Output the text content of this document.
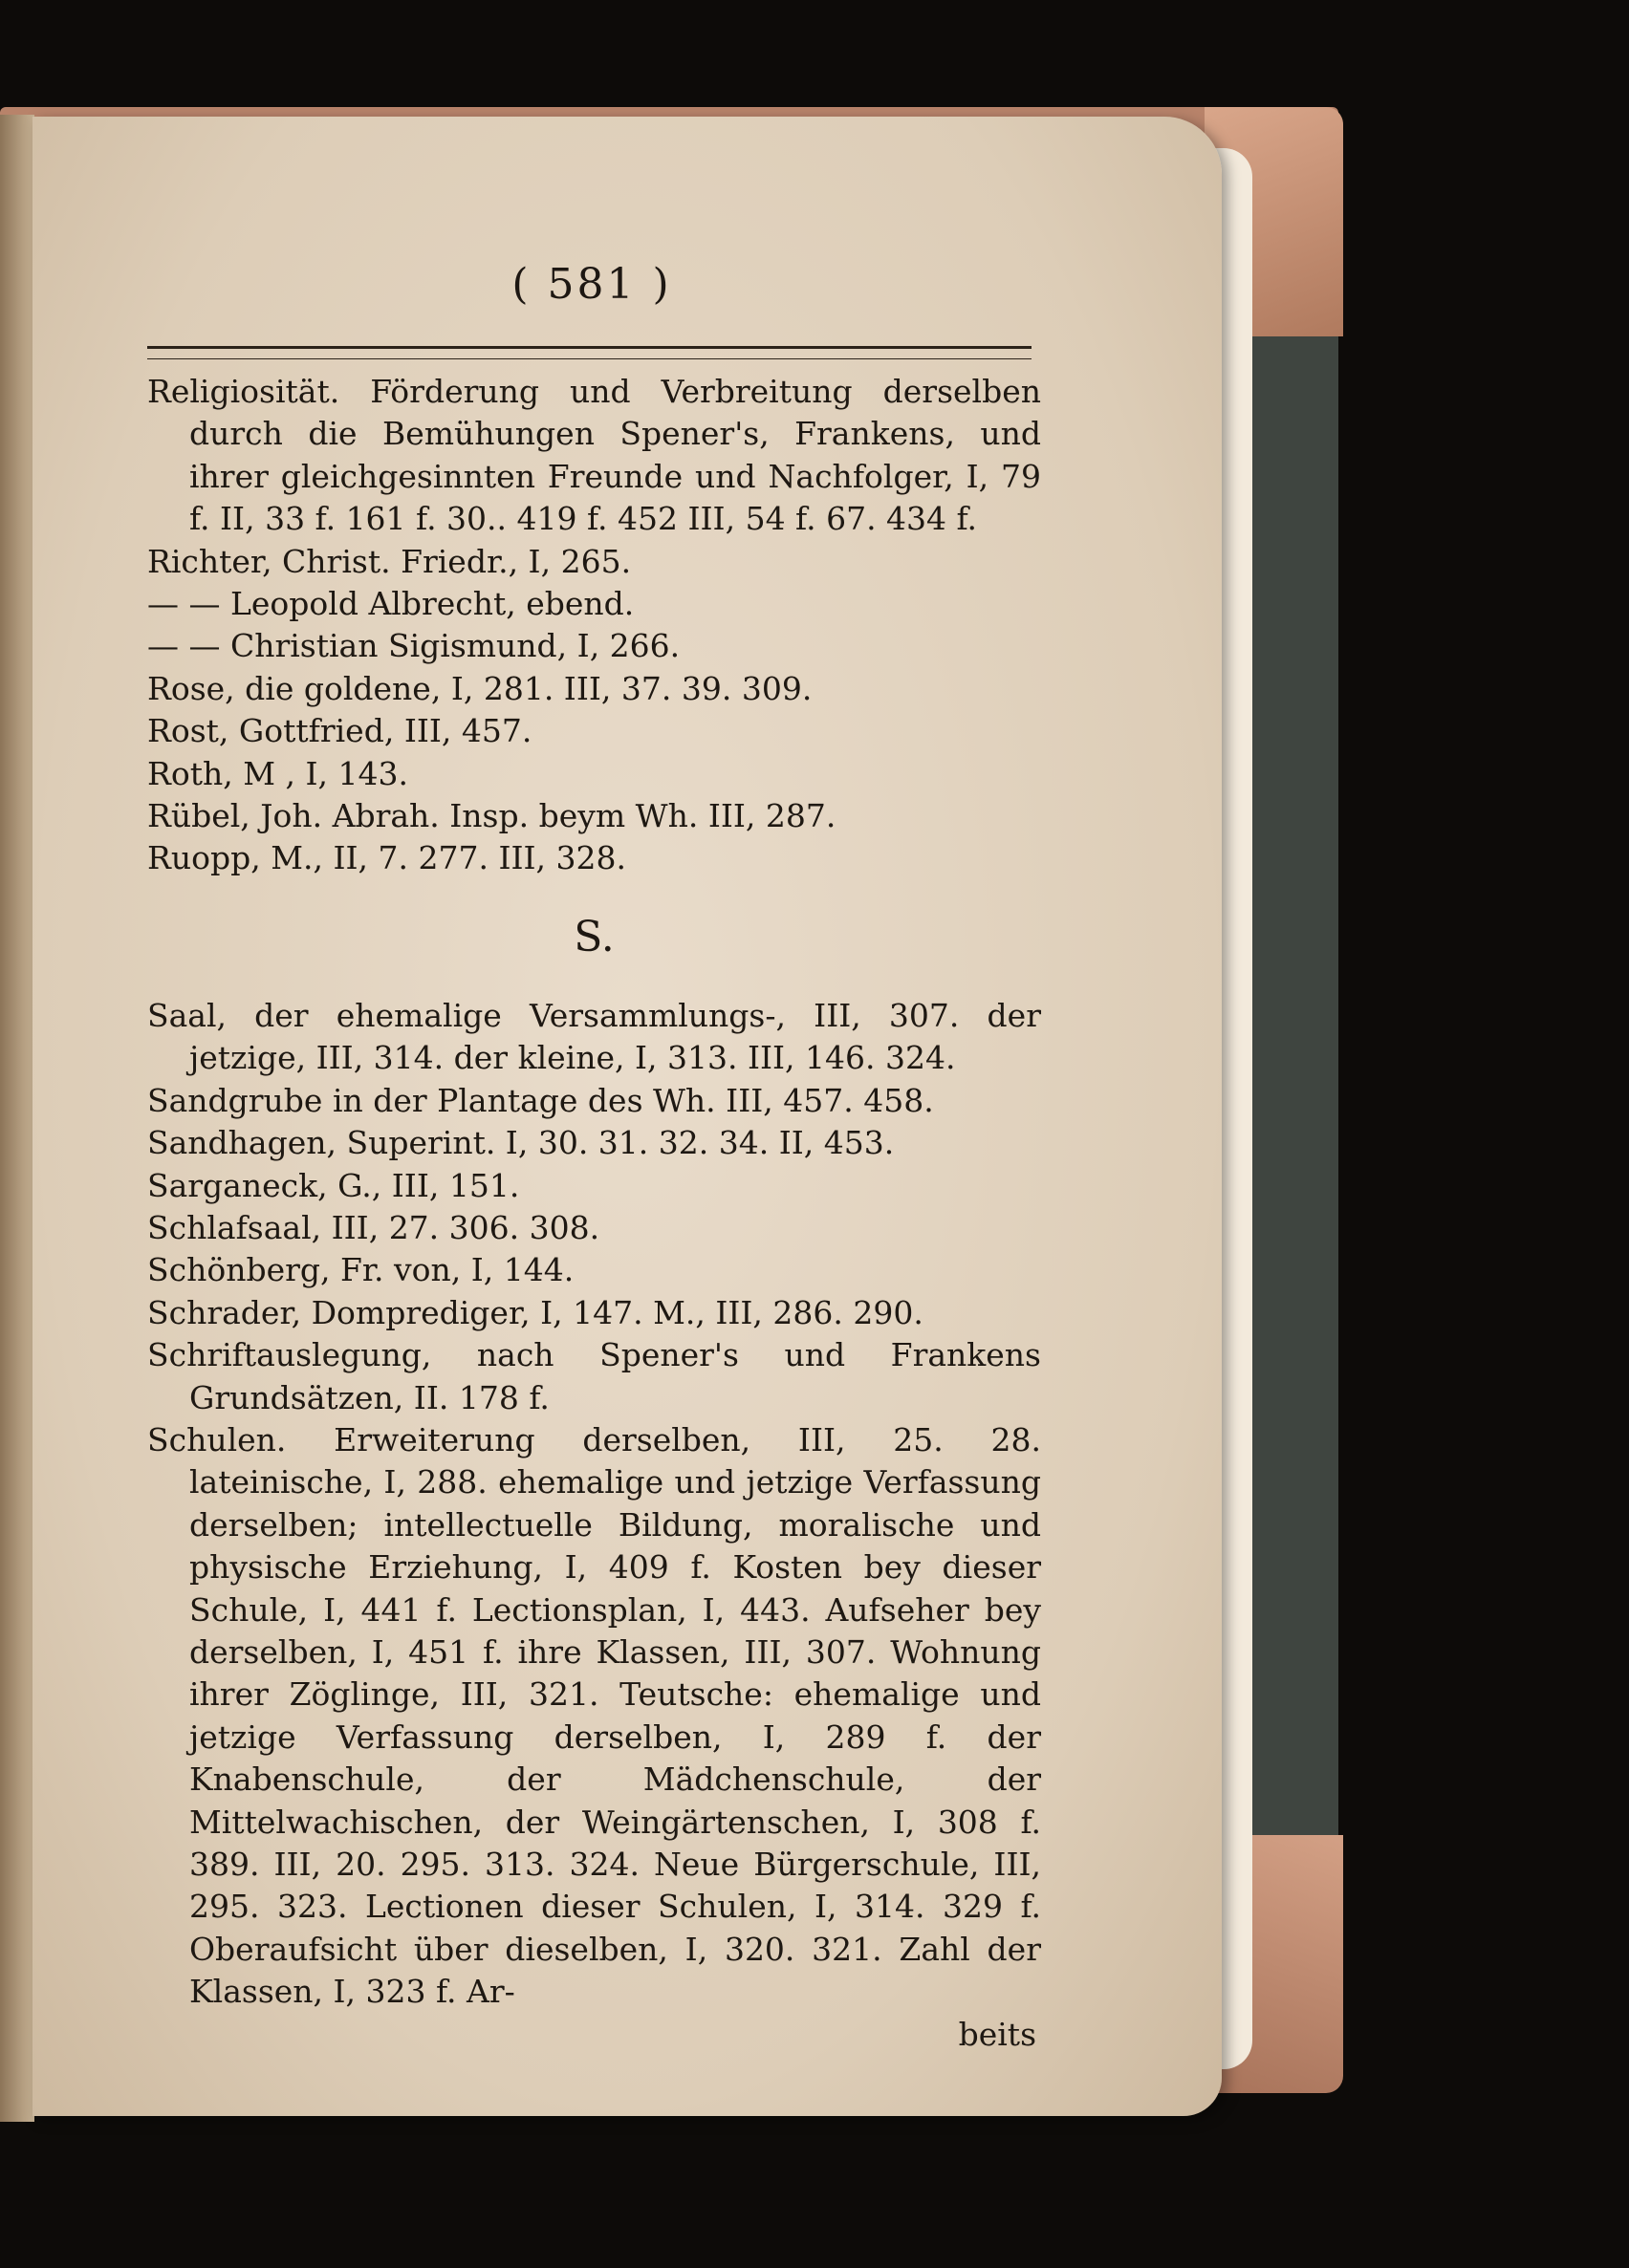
( 581 )
Religiosität. Förderung und Verbreitung derselben durch die Bemühungen Spener's, Frankens, und ihrer gleichgesinnten Freunde und Nachfolger, I, 79 f. II, 33 f. 161 f. 30.. 419 f. 452 III, 54 f. 67. 434 f.
Richter, Christ. Friedr., I, 265.
— — Leopold Albrecht, ebend.
— — Christian Sigismund, I, 266.
Rose, die goldene, I, 281. III, 37. 39. 309.
Rost, Gottfried, III, 457.
Roth, M , I, 143.
Rübel, Joh. Abrah. Insp. beym Wh. III, 287.
Ruopp, M., II, 7. 277. III, 328.
S.
Saal, der ehemalige Versammlungs-, III, 307. der jetzige, III, 314. der kleine, I, 313. III, 146. 324.
Sandgrube in der Plantage des Wh. III, 457. 458.
Sandhagen, Superint. I, 30. 31. 32. 34. II, 453.
Sarganeck, G., III, 151.
Schlafsaal, III, 27. 306. 308.
Schönberg, Fr. von, I, 144.
Schrader, Domprediger, I, 147. M., III, 286. 290.
Schriftauslegung, nach Spener's und Frankens Grundsätzen, II. 178 f.
Schulen. Erweiterung derselben, III, 25. 28. lateinische, I, 288. ehemalige und jetzige Verfassung derselben; intellectuelle Bildung, moralische und physische Erziehung, I, 409 f. Kosten bey dieser Schule, I, 441 f. Lectionsplan, I, 443. Aufseher bey derselben, I, 451 f. ihre Klassen, III, 307. Wohnung ihrer Zöglinge, III, 321. Teutsche: ehemalige und jetzige Verfassung derselben, I, 289 f. der Knabenschule, der Mädchenschule, der Mittelwachischen, der Weingärtenschen, I, 308 f. 389. III, 20. 295. 313. 324. Neue Bürgerschule, III, 295. 323. Lectionen dieser Schulen, I, 314. 329 f. Oberaufsicht über dieselben, I, 320. 321. Zahl der Klassen, I, 323 f. Ar-
beits
